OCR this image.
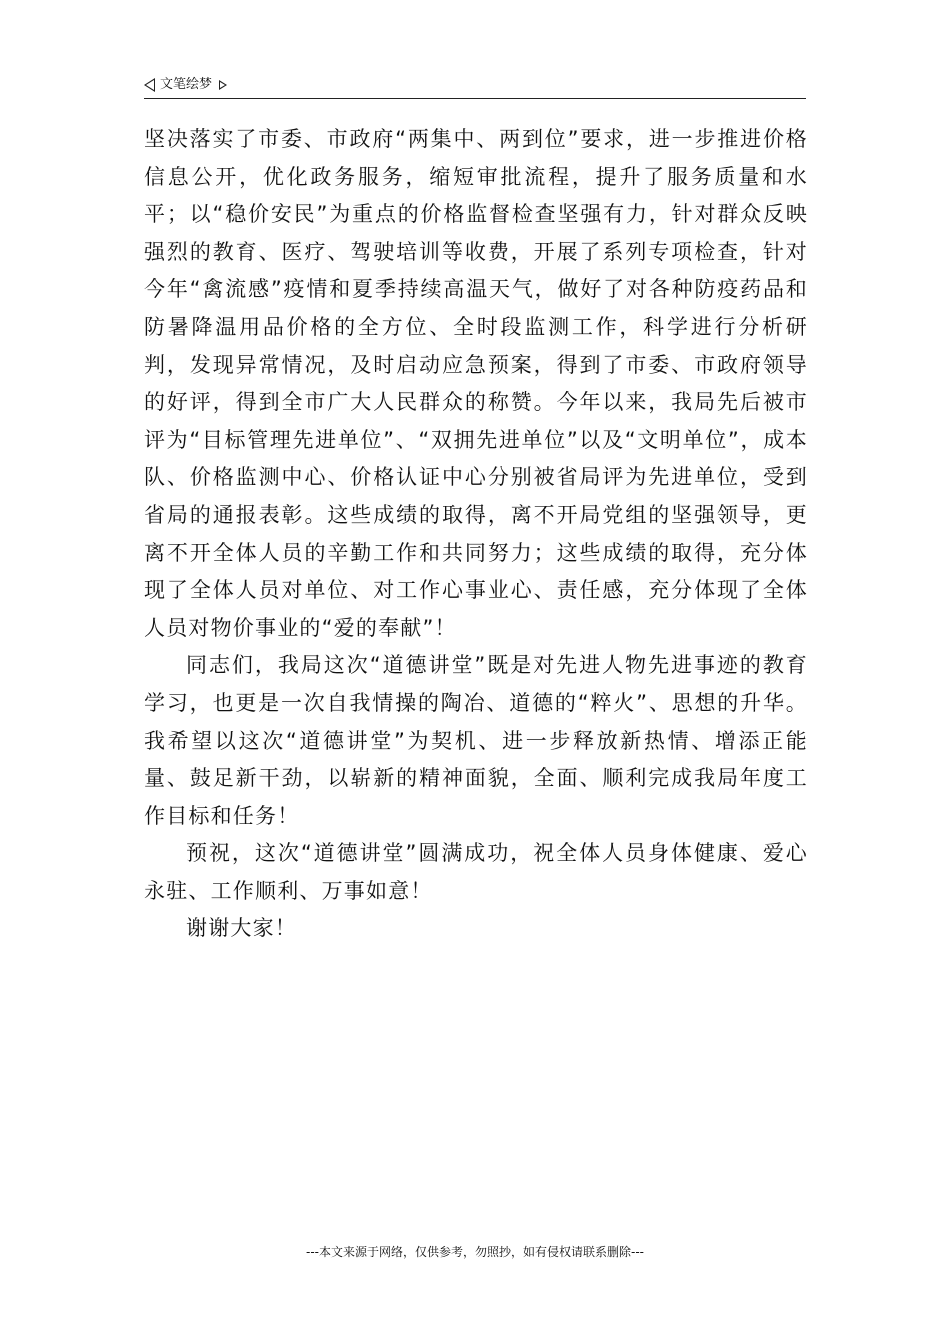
文笔绘梦

坚决落实了市委、市政府“两集中、两到位”要求，进一步推进价格信息公开，优化政务服务，缩短审批流程，提升了服务质量和水平；以“稳价安民”为重点的价格监督检查坚强有力，针对群众反映强烈的教育、医疗、驾驶培训等收费，开展了系列专项检查，针对今年“禽流感”疫情和夏季持续高温天气，做好了对各种防疫药品和防暑降温用品价格的全方位、全时段监测工作，科学进行分析研判，发现异常情况，及时启动应急预案，得到了市委、市政府领导的好评，得到全市广大人民群众的称赞。今年以来，我局先后被市评为“目标管理先进单位”、“双拥先进单位”以及“文明单位”，成本队、价格监测中心、价格认证中心分别被省局评为先进单位，受到省局的通报表彰。这些成绩的取得，离不开局党组的坚强领导，更离不开全体人员的辛勤工作和共同努力；这些成绩的取得，充分体现了全体人员对单位、对工作心事业心、责任感，充分体现了全体人员对物价事业的“爱的奉献”！

同志们，我局这次“道德讲堂”既是对先进人物先进事迹的教育学习，也更是一次自我情操的陶冶、道德的“粹火”、思想的升华。我希望以这次“道德讲堂”为契机、进一步释放新热情、增添正能量、鼓足新干劲，以崭新的精神面貌，全面、顺利完成我局年度工作目标和任务！

预祝，这次“道德讲堂”圆满成功，祝全体人员身体健康、爱心永驻、工作顺利、万事如意！

谢谢大家！

---本文来源于网络，仅供参考，勿照抄，如有侵权请联系删除---
